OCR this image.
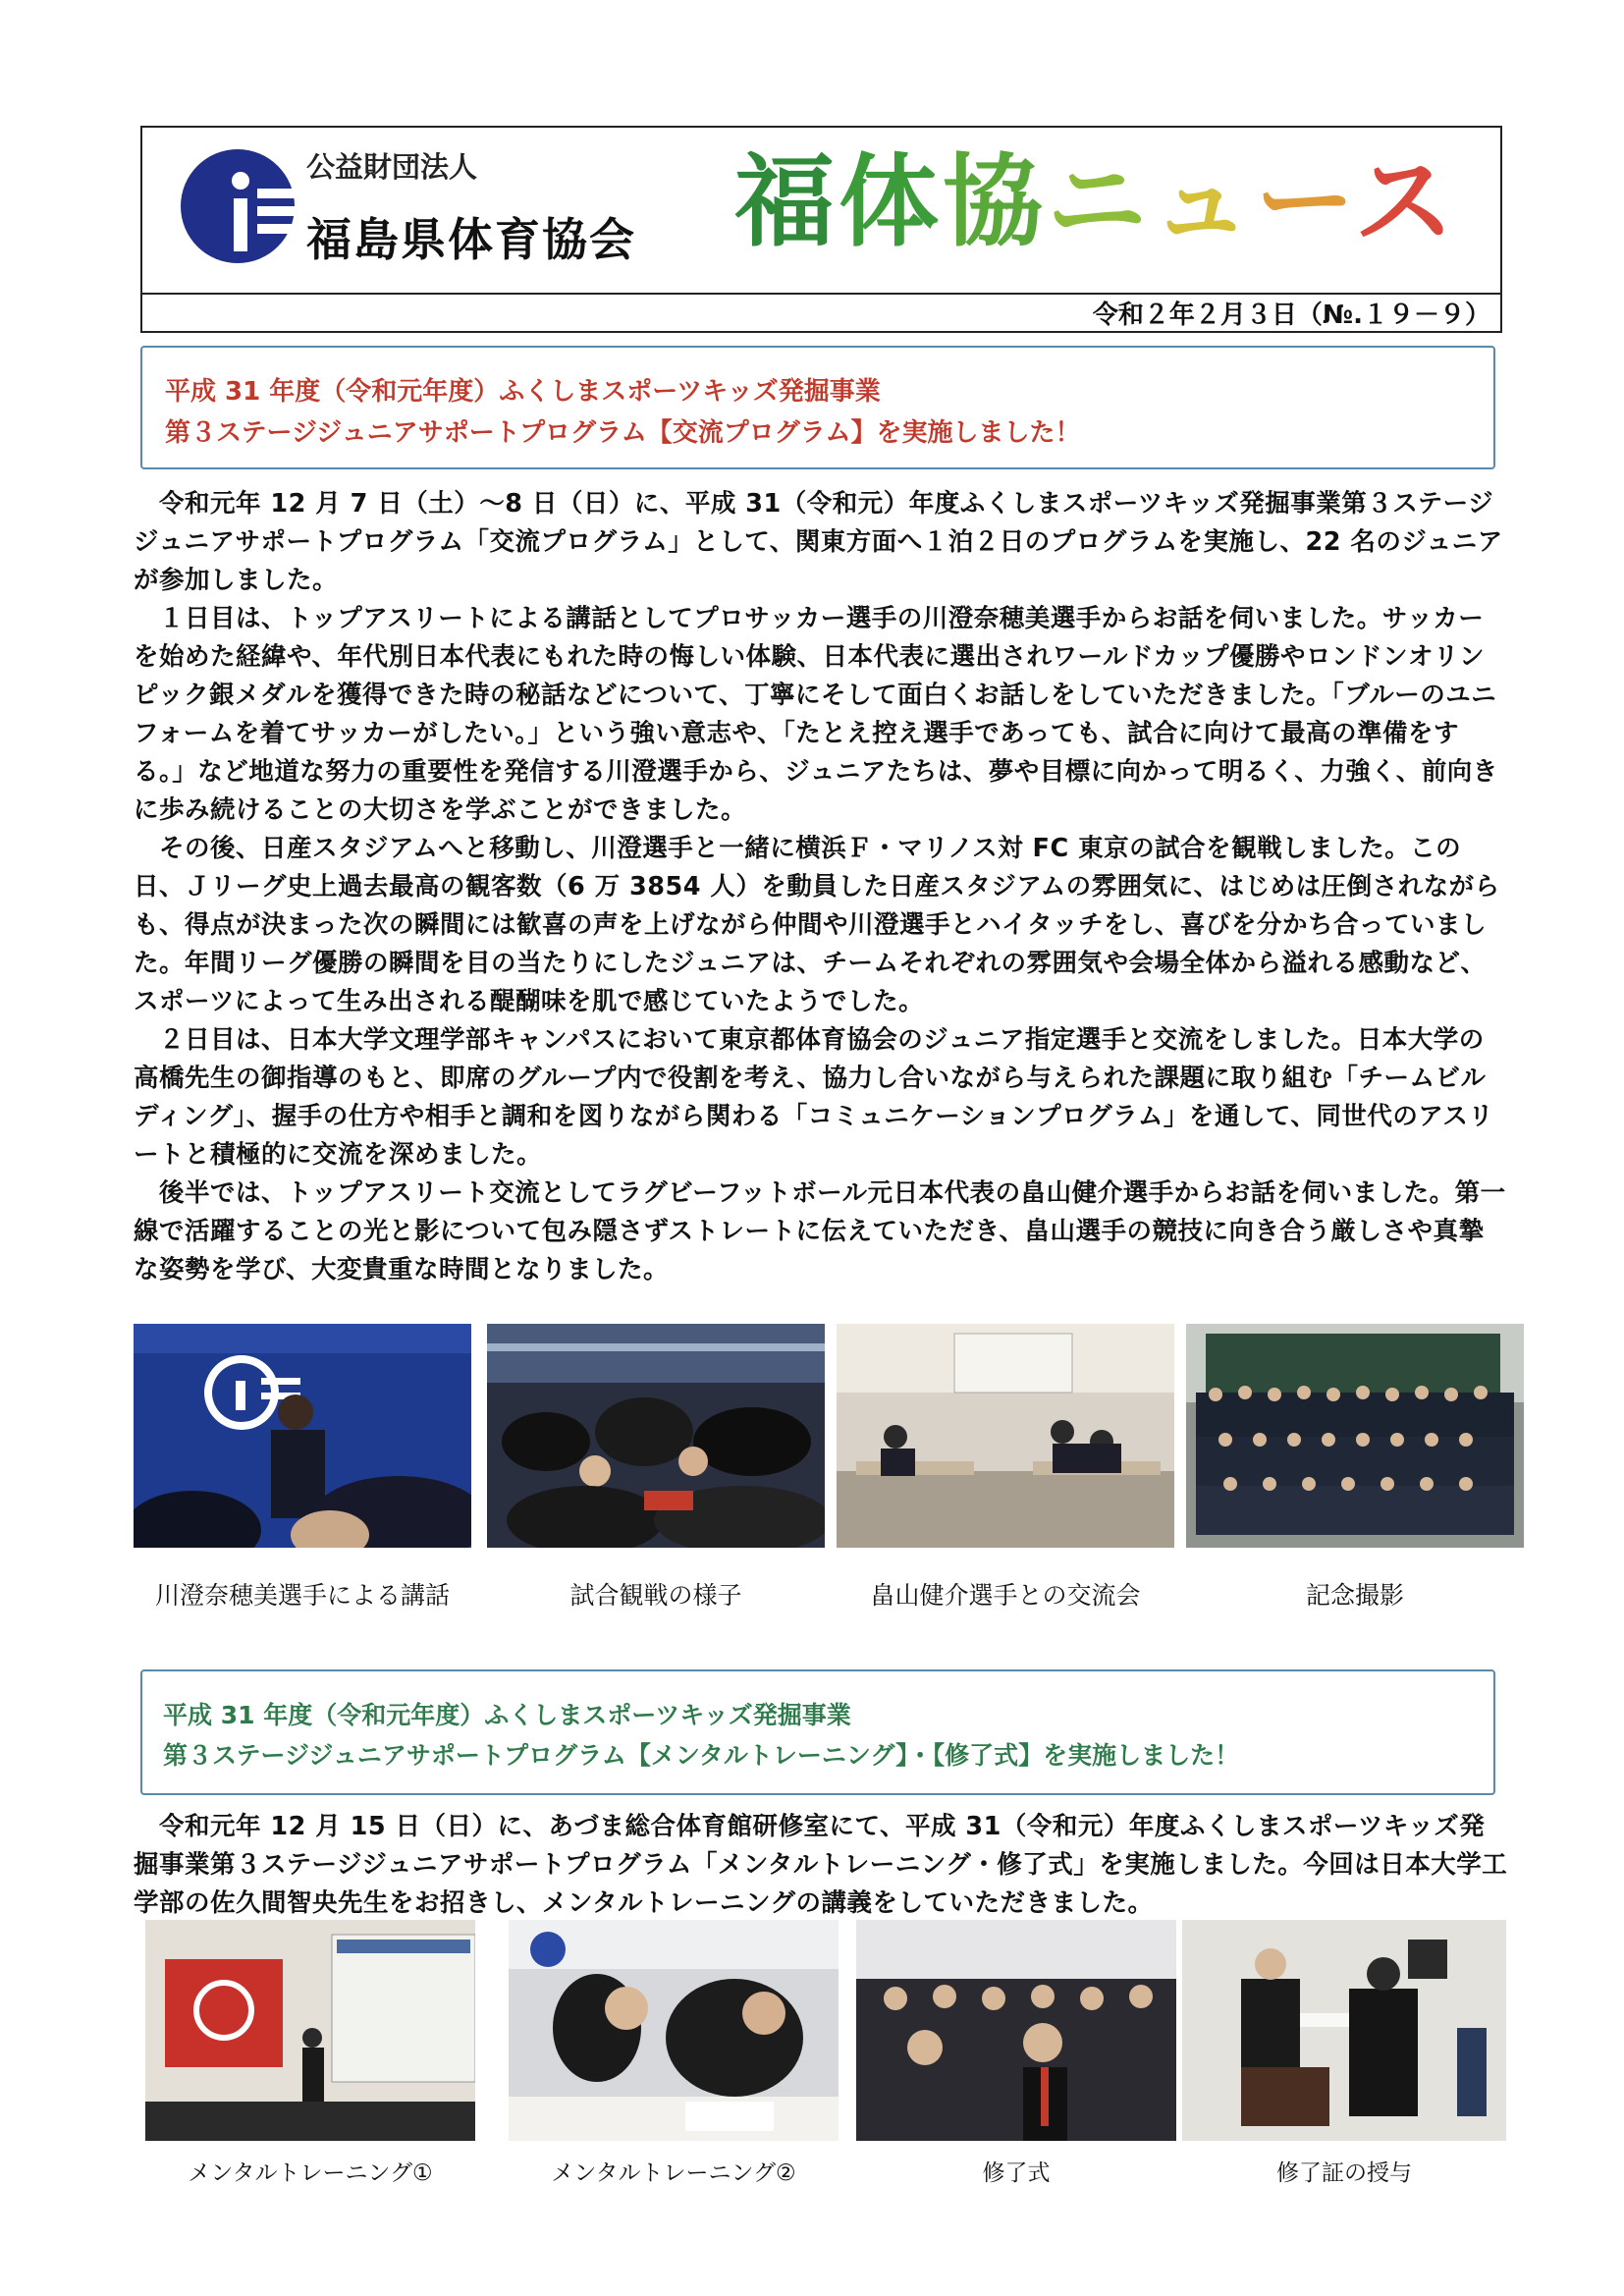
公益財団法人
福島県体育協会 福体協ニュース
令和２年２月３日（№.１９－９）
平成 31 年度（令和元年度）ふくしまスポーツキッズ発掘事業
第３ステージジュニアサポートプログラム【交流プログラム】を実施しました！

　令和元年 12 月 7 日（土）～8 日（日）に、平成 31（令和元）年度ふくしまスポーツキッズ発掘事業第３ステージジュニアサポートプログラム「交流プログラム」として、関東方面へ１泊２日のプログラムを実施し、22 名のジュニアが参加しました。

　１日目は、トップアスリートによる講話としてプロサッカー選手の川澄奈穂美選手からお話を伺いました。サッカーを始めた経緯や、年代別日本代表にもれた時の悔しい体験、日本代表に選出されワールドカップ優勝やロンドンオリンピック銀メダルを獲得できた時の秘話などについて、丁寧にそして面白くお話しをしていただきました。「ブルーのユニフォームを着てサッカーがしたい。」という強い意志や、「たとえ控え選手であっても、試合に向けて最高の準備をする。」など地道な努力の重要性を発信する川澄選手から、ジュニアたちは、夢や目標に向かって明るく、力強く、前向きに歩み続けることの大切さを学ぶことができました。

　その後、日産スタジアムへと移動し、川澄選手と一緒に横浜Ｆ・マリノス対 FC 東京の試合を観戦しました。この日、Ｊリーグ史上過去最高の観客数（6 万 3854 人）を動員した日産スタジアムの雰囲気に、はじめは圧倒されながらも、得点が決まった次の瞬間には歓喜の声を上げながら仲間や川澄選手とハイタッチをし、喜びを分かち合っていました。年間リーグ優勝の瞬間を目の当たりにしたジュニアは、チームそれぞれの雰囲気や会場全体から溢れる感動など、スポーツによって生み出される醍醐味を肌で感じていたようでした。

　２日目は、日本大学文理学部キャンパスにおいて東京都体育協会のジュニア指定選手と交流をしました。日本大学の高橋先生の御指導のもと、即席のグループ内で役割を考え、協力し合いながら与えられた課題に取り組む「チームビルディング」、握手の仕方や相手と調和を図りながら関わる「コミュニケーションプログラム」を通して、同世代のアスリートと積極的に交流を深めました。

　後半では、トップアスリート交流としてラグビーフットボール元日本代表の畠山健介選手からお話を伺いました。第一線で活躍することの光と影について包み隠さずストレートに伝えていただき、畠山選手の競技に向き合う厳しさや真摯な姿勢を学び、大変貴重な時間となりました。

川澄奈穂美選手による講話	試合観戦の様子	畠山健介選手との交流会	記念撮影
平成 31 年度（令和元年度）ふくしまスポーツキッズ発掘事業
第３ステージジュニアサポートプログラム【メンタルトレーニング】・【修了式】を実施しました！

　令和元年 12 月 15 日（日）に、あづま総合体育館研修室にて、平成 31（令和元）年度ふくしまスポーツキッズ発掘事業第３ステージジュニアサポートプログラム「メンタルトレーニング・修了式」を実施しました。今回は日本大学工学部の佐久間智央先生をお招きし、メンタルトレーニングの講義をしていただきました。

メンタルトレーニング①	メンタルトレーニング②	修了式	修了証の授与
